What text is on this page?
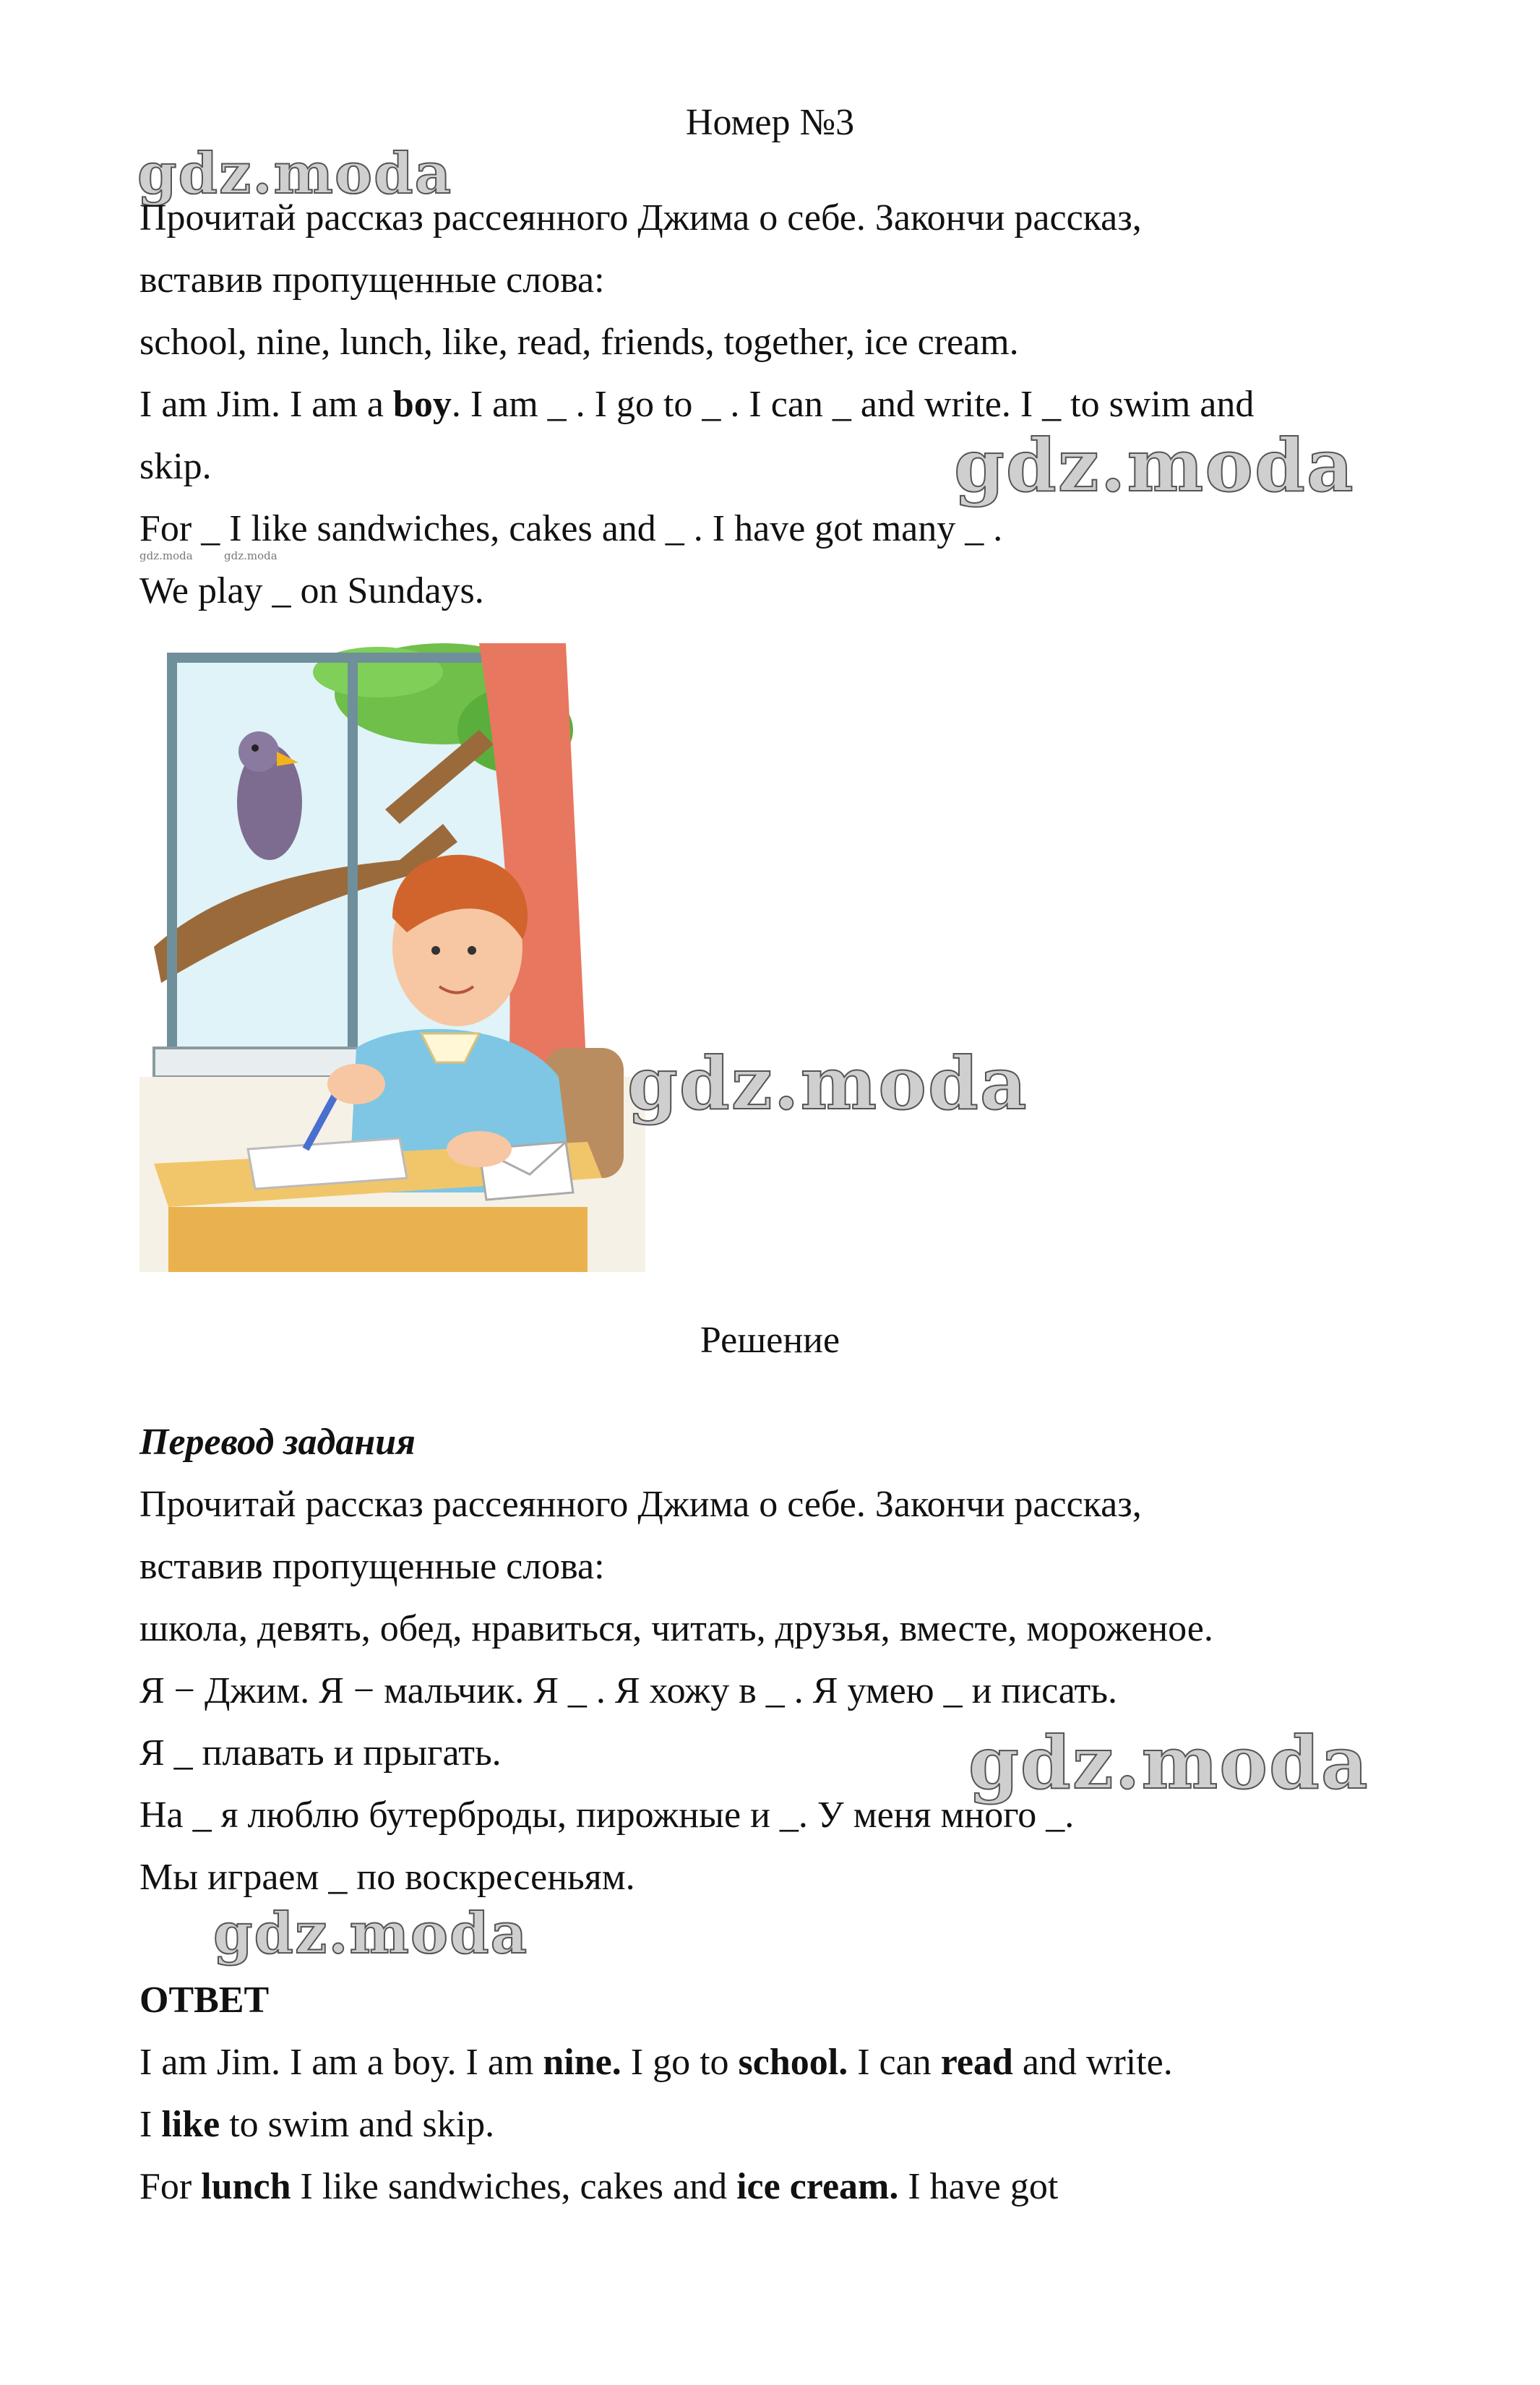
Номер №3
gdz.moda
Прочитай рассказ рассеянного Джима о себе. Закончи рассказ,
вставив пропущенные слова:
school, nine, lunch, like, read, friends, together, ice cream.
I am Jim. I am a boy. I am _ . I go to _ . I can _ and write. I _ to swim and
skip.	gdz.moda
For _ I like sandwiches, cakes and _ . I have got many _ .
gdz.moda	gdz.moda
We play _ on Sundays.
gdz.moda
Решение
Перевод задания
Прочитай рассказ рассеянного Джима о себе. Закончи рассказ,
вставив пропущенные слова:
школа, девять, обед, нравиться, читать, друзья, вместе, мороженое.
Я − Джим. Я − мальчик. Я _ . Я хожу в _ . Я умею _ и писать.
Я _ плавать и прыгать.	gdz.moda
На _ я люблю бутерброды, пирожные и _. У меня много _.
Мы играем _ по воскресеньям.
gdz.moda
ОТВЕТ
I am Jim. I am a boy. I am nine. I go to school. I can read and write.
I like to swim and skip.
For lunch I like sandwiches, cakes and ice cream. I have got
